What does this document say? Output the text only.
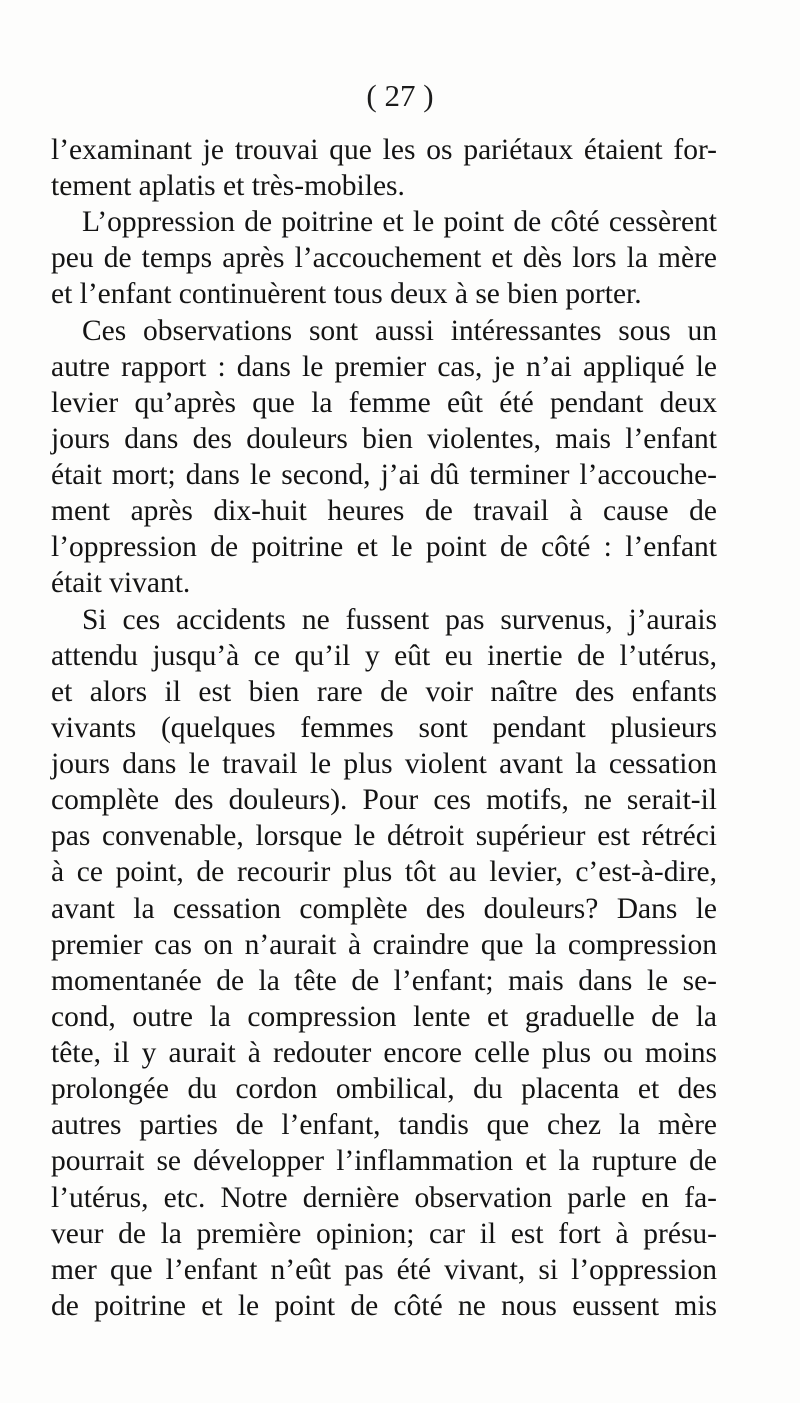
( 27 )
l’examinant je trouvai que les os pariétaux étaient for-
tement aplatis et très-mobiles.
L’oppression de poitrine et le point de côté cessèrent
peu de temps après l’accouchement et dès lors la mère
et l’enfant continuèrent tous deux à se bien porter.
Ces observations sont aussi intéressantes sous un
autre rapport : dans le premier cas, je n’ai appliqué le
levier qu’après que la femme eût été pendant deux
jours dans des douleurs bien violentes, mais l’enfant
était mort; dans le second, j’ai dû terminer l’accouche-
ment après dix-huit heures de travail à cause de
l’oppression de poitrine et le point de côté : l’enfant
était vivant.
Si ces accidents ne fussent pas survenus, j’aurais
attendu jusqu’à ce qu’il y eût eu inertie de l’utérus,
et alors il est bien rare de voir naître des enfants
vivants (quelques femmes sont pendant plusieurs
jours dans le travail le plus violent avant la cessation
complète des douleurs). Pour ces motifs, ne serait-il
pas convenable, lorsque le détroit supérieur est rétréci
à ce point, de recourir plus tôt au levier, c’est-à-dire,
avant la cessation complète des douleurs? Dans le
premier cas on n’aurait à craindre que la compression
momentanée de la tête de l’enfant; mais dans le se-
cond, outre la compression lente et graduelle de la
tête, il y aurait à redouter encore celle plus ou moins
prolongée du cordon ombilical, du placenta et des
autres parties de l’enfant, tandis que chez la mère
pourrait se développer l’inflammation et la rupture de
l’utérus, etc. Notre dernière observation parle en fa-
veur de la première opinion; car il est fort à présu-
mer que l’enfant n’eût pas été vivant, si l’oppression
de poitrine et le point de côté ne nous eussent mis
